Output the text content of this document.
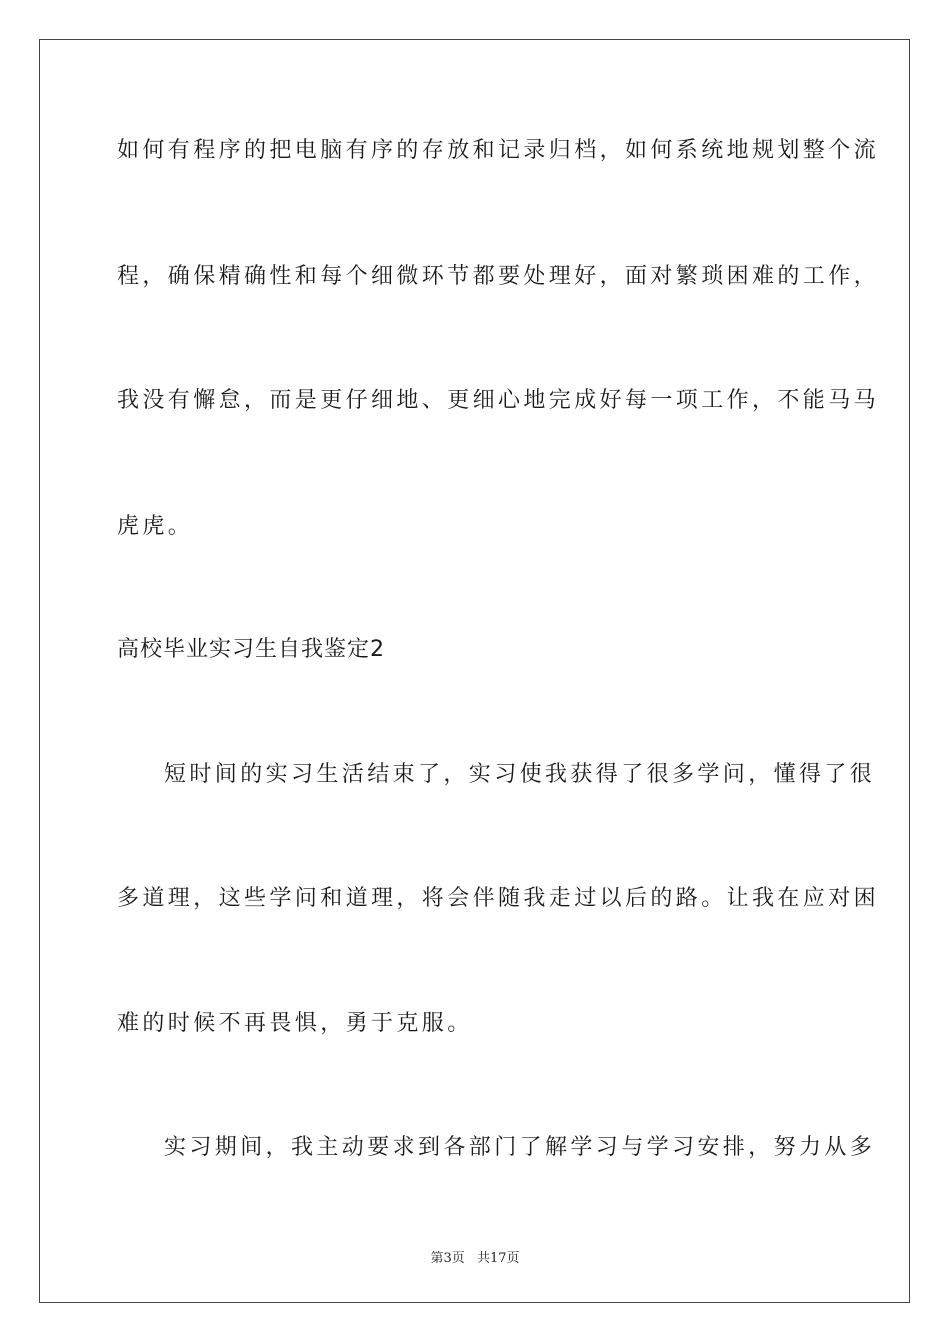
如何有程序的把电脑有序的存放和记录归档，如何系统地规划整个流
程，确保精确性和每个细微环节都要处理好，面对繁琐困难的工作，
我没有懈怠，而是更仔细地、更细心地完成好每一项工作，不能马马
虎虎。
高校毕业实习生自我鉴定2
短时间的实习生活结束了，实习使我获得了很多学问，懂得了很
多道理，这些学问和道理，将会伴随我走过以后的路。让我在应对困
难的时候不再畏惧，勇于克服。
实习期间，我主动要求到各部门了解学习与学习安排，努力从多
第3页 共17页
